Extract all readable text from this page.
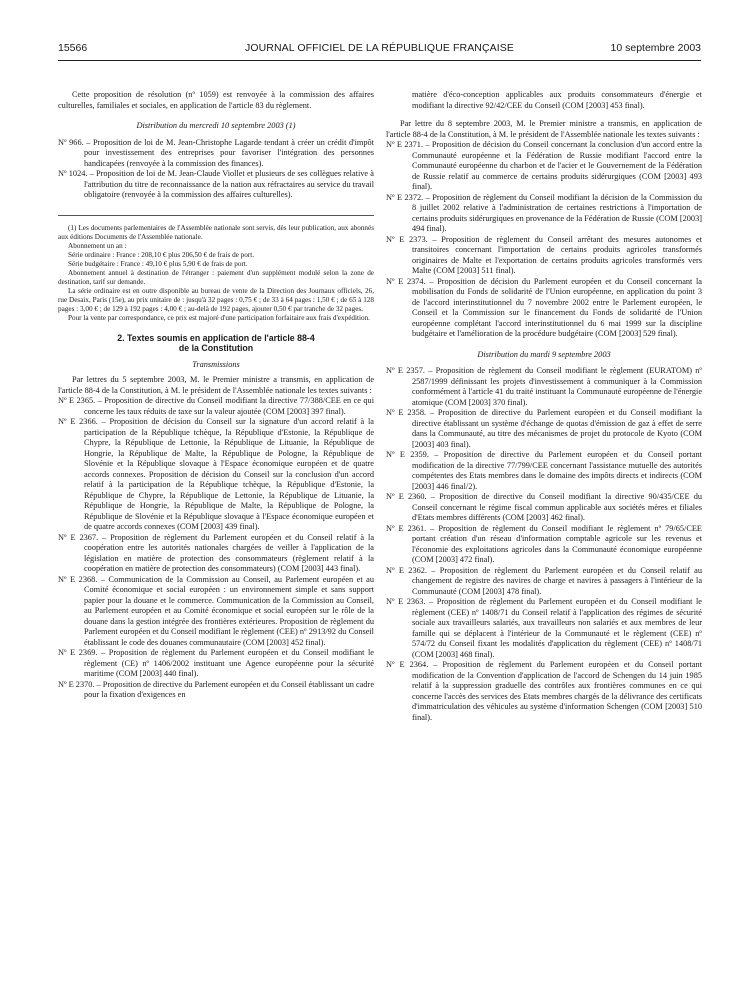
15566	JOURNAL OFFICIEL DE LA RÉPUBLIQUE FRANÇAISE	10 septembre 2003

Cette proposition de résolution (nº 1059) est renvoyée à la commission des affaires culturelles, familiales et sociales, en application de l'article 83 du règlement.

Distribution du mercredi 10 septembre 2003 (1)

Nº 966. – Proposition de loi de M. Jean-Christophe Lagarde tendant à créer un crédit d'impôt pour investissement des entreprises pour favoriser l'intégration des personnes handicapées (renvoyée à la commission des finances).

Nº 1024. – Proposition de loi de M. Jean-Claude Viollet et plusieurs de ses collègues relative à l'attribution du titre de reconnaissance de la nation aux réfractaires au service du travail obligatoire (renvoyée à la commission des affaires culturelles).

(1) Les documents parlementaires de l'Assemblée nationale sont servis, dès leur publication, aux abonnés aux éditions Documents de l'Assemblée nationale.

Abonnement un an :

Série ordinaire : France : 208,10 € plus 206,50 € de frais de port.

Série budgétaire : France : 49,10 € plus 5,90 € de frais de port.

Abonnement annuel à destination de l'étranger : paiement d'un supplément modulé selon la zone de destination, tarif sur demande.

La série ordinaire est en outre disponible au bureau de vente de la Direction des Journaux officiels, 26, rue Desaix, Paris (15e), au prix unitaire de : jusqu'à 32 pages : 0,75 € ; de 33 à 64 pages : 1,50 € ; de 65 à 128 pages : 3,00 € ; de 129 à 192 pages : 4,00 € ; au-delà de 192 pages, ajouter 0,50 € par tranche de 32 pages.

Pour la vente par correspondance, ce prix est majoré d'une participation forfaitaire aux frais d'expédition.

2. Textes soumis en application de l'article 88-4
de la Constitution

Transmissions

Par lettres du 5 septembre 2003, M. le Premier ministre a transmis, en application de l'article 88-4 de la Constitution, à M. le président de l'Assemblée nationale les textes suivants :

Nº E 2365. – Proposition de directive du Conseil modifiant la directive 77/388/CEE en ce qui concerne les taux réduits de taxe sur la valeur ajoutée (COM [2003] 397 final).

Nº E 2366. – Proposition de décision du Conseil sur la signature d'un accord relatif à la participation de la République tchèque, la République d'Estonie, la République de Chypre, la République de Lettonie, la République de Lituanie, la République de Hongrie, la République de Malte, la République de Pologne, la République de Slovénie et la République slovaque à l'Espace économique européen et de quatre accords connexes. Proposition de décision du Conseil sur la conclusion d'un accord relatif à la participation de la République tchèque, la République d'Estonie, la République de Chypre, la République de Lettonie, la République de Lituanie, la République de Hongrie, la République de Malte, la République de Pologne, la République de Slovénie et la République slovaque à l'Espace économique européen et de quatre accords connexes (COM [2003] 439 final).

Nº E 2367. – Proposition de règlement du Parlement européen et du Conseil relatif à la coopération entre les autorités nationales chargées de veiller à l'application de la législation en matière de protection des consommateurs (règlement relatif à la coopération en matière de protection des consommateurs) (COM [2003] 443 final).

Nº E 2368. – Communication de la Commission au Conseil, au Parlement européen et au Comité économique et social européen : un environnement simple et sans support papier pour la douane et le commerce. Communication de la Commission au Conseil, au Parlement européen et au Comité économique et social européen sur le rôle de la douane dans la gestion intégrée des frontières extérieures. Proposition de règlement du Parlement européen et du Conseil modifiant le règlement (CEE) nº 2913/92 du Conseil établissant le code des douanes communautaire (COM [2003] 452 final).

Nº E 2369. – Proposition de règlement du Parlement européen et du Conseil modifiant le règlement (CE) nº 1406/2002 instituant une Agence européenne pour la sécurité maritime (COM [2003] 440 final).

Nº E 2370. – Proposition de directive du Parlement européen et du Conseil établissant un cadre pour la fixation d'exigences en

matière d'éco-conception applicables aux produits consommateurs d'énergie et modifiant la directive 92/42/CEE du Conseil (COM [2003] 453 final).

Par lettre du 8 septembre 2003, M. le Premier ministre a transmis, en application de l'article 88-4 de la Constitution, à M. le président de l'Assemblée nationale les textes suivants :

Nº E 2371. – Proposition de décision du Conseil concernant la conclusion d'un accord entre la Communauté européenne et la Fédération de Russie modifiant l'accord entre la Communauté européenne du charbon et de l'acier et le Gouvernement de la Fédération de Russie relatif au commerce de certains produits sidérurgiques (COM [2003] 493 final).

Nº E 2372. – Proposition de règlement du Conseil modifiant la décision de la Commission du 8 juillet 2002 relative à l'administration de certaines restrictions à l'importation de certains produits sidérurgiques en provenance de la Fédération de Russie (COM [2003] 494 final).

Nº E 2373. – Proposition de règlement du Conseil arrêtant des mesures autonomes et transitoires concernant l'importation de certains produits agricoles transformés originaires de Malte et l'exportation de certains produits agricoles transformés vers Malte (COM [2003] 511 final).

Nº E 2374. – Proposition de décision du Parlement européen et du Conseil concernant la mobilisation du Fonds de solidarité de l'Union européenne, en application du point 3 de l'accord interinstitutionnel du 7 novembre 2002 entre le Parlement européen, le Conseil et la Commission sur le financement du Fonds de solidarité de l'Union européenne complétant l'accord interinstitutionnel du 6 mai 1999 sur la discipline budgétaire et l'amélioration de la procédure budgétaire (COM [2003] 529 final).

Distribution du mardi 9 septembre 2003

Nº E 2357. – Proposition de règlement du Conseil modifiant le règlement (EURATOM) nº 2587/1999 définissant les projets d'investissement à communiquer à la Commission conformément à l'article 41 du traité instituant la Communauté européenne de l'énergie atomique (COM [2003] 370 final).

Nº E 2358. – Proposition de directive du Parlement européen et du Conseil modifiant la directive établissant un système d'échange de quotas d'émission de gaz à effet de serre dans la Communauté, au titre des mécanismes de projet du protocole de Kyoto (COM [2003] 403 final).

Nº E 2359. – Proposition de directive du Parlement européen et du Conseil portant modification de la directive 77/799/CEE concernant l'assistance mutuelle des autorités compétentes des Etats membres dans le domaine des impôts directs et indirects (COM [2003] 446 final/2).

Nº E 2360. – Proposition de directive du Conseil modifiant la directive 90/435/CEE du Conseil concernant le régime fiscal commun applicable aux sociétés mères et filiales d'Etats membres différents (COM [2003] 462 final).

Nº E 2361. – Proposition de règlement du Conseil modifiant le règlement nº 79/65/CEE portant création d'un réseau d'information comptable agricole sur les revenus et l'économie des exploitations agricoles dans la Communauté économique européenne (COM [2003] 472 final).

Nº E 2362. – Proposition de règlement du Parlement européen et du Conseil relatif au changement de registre des navires de charge et navires à passagers à l'intérieur de la Communauté (COM [2003] 478 final).

Nº E 2363. – Proposition de règlement du Parlement européen et du Conseil modifiant le règlement (CEE) nº 1408/71 du Conseil relatif à l'application des régimes de sécurité sociale aux travailleurs salariés, aux travailleurs non salariés et aux membres de leur famille qui se déplacent à l'intérieur de la Communauté et le règlement (CEE) nº 574/72 du Conseil fixant les modalités d'application du règlement (CEE) nº 1408/71 (COM [2003] 468 final).

Nº E 2364. – Proposition de règlement du Parlement européen et du Conseil portant modification de la Convention d'application de l'accord de Schengen du 14 juin 1985 relatif à la suppression graduelle des contrôles aux frontières communes en ce qui concerne l'accès des services des Etats membres chargés de la délivrance des certificats d'immatriculation des véhicules au système d'information Schengen (COM [2003] 510 final).
